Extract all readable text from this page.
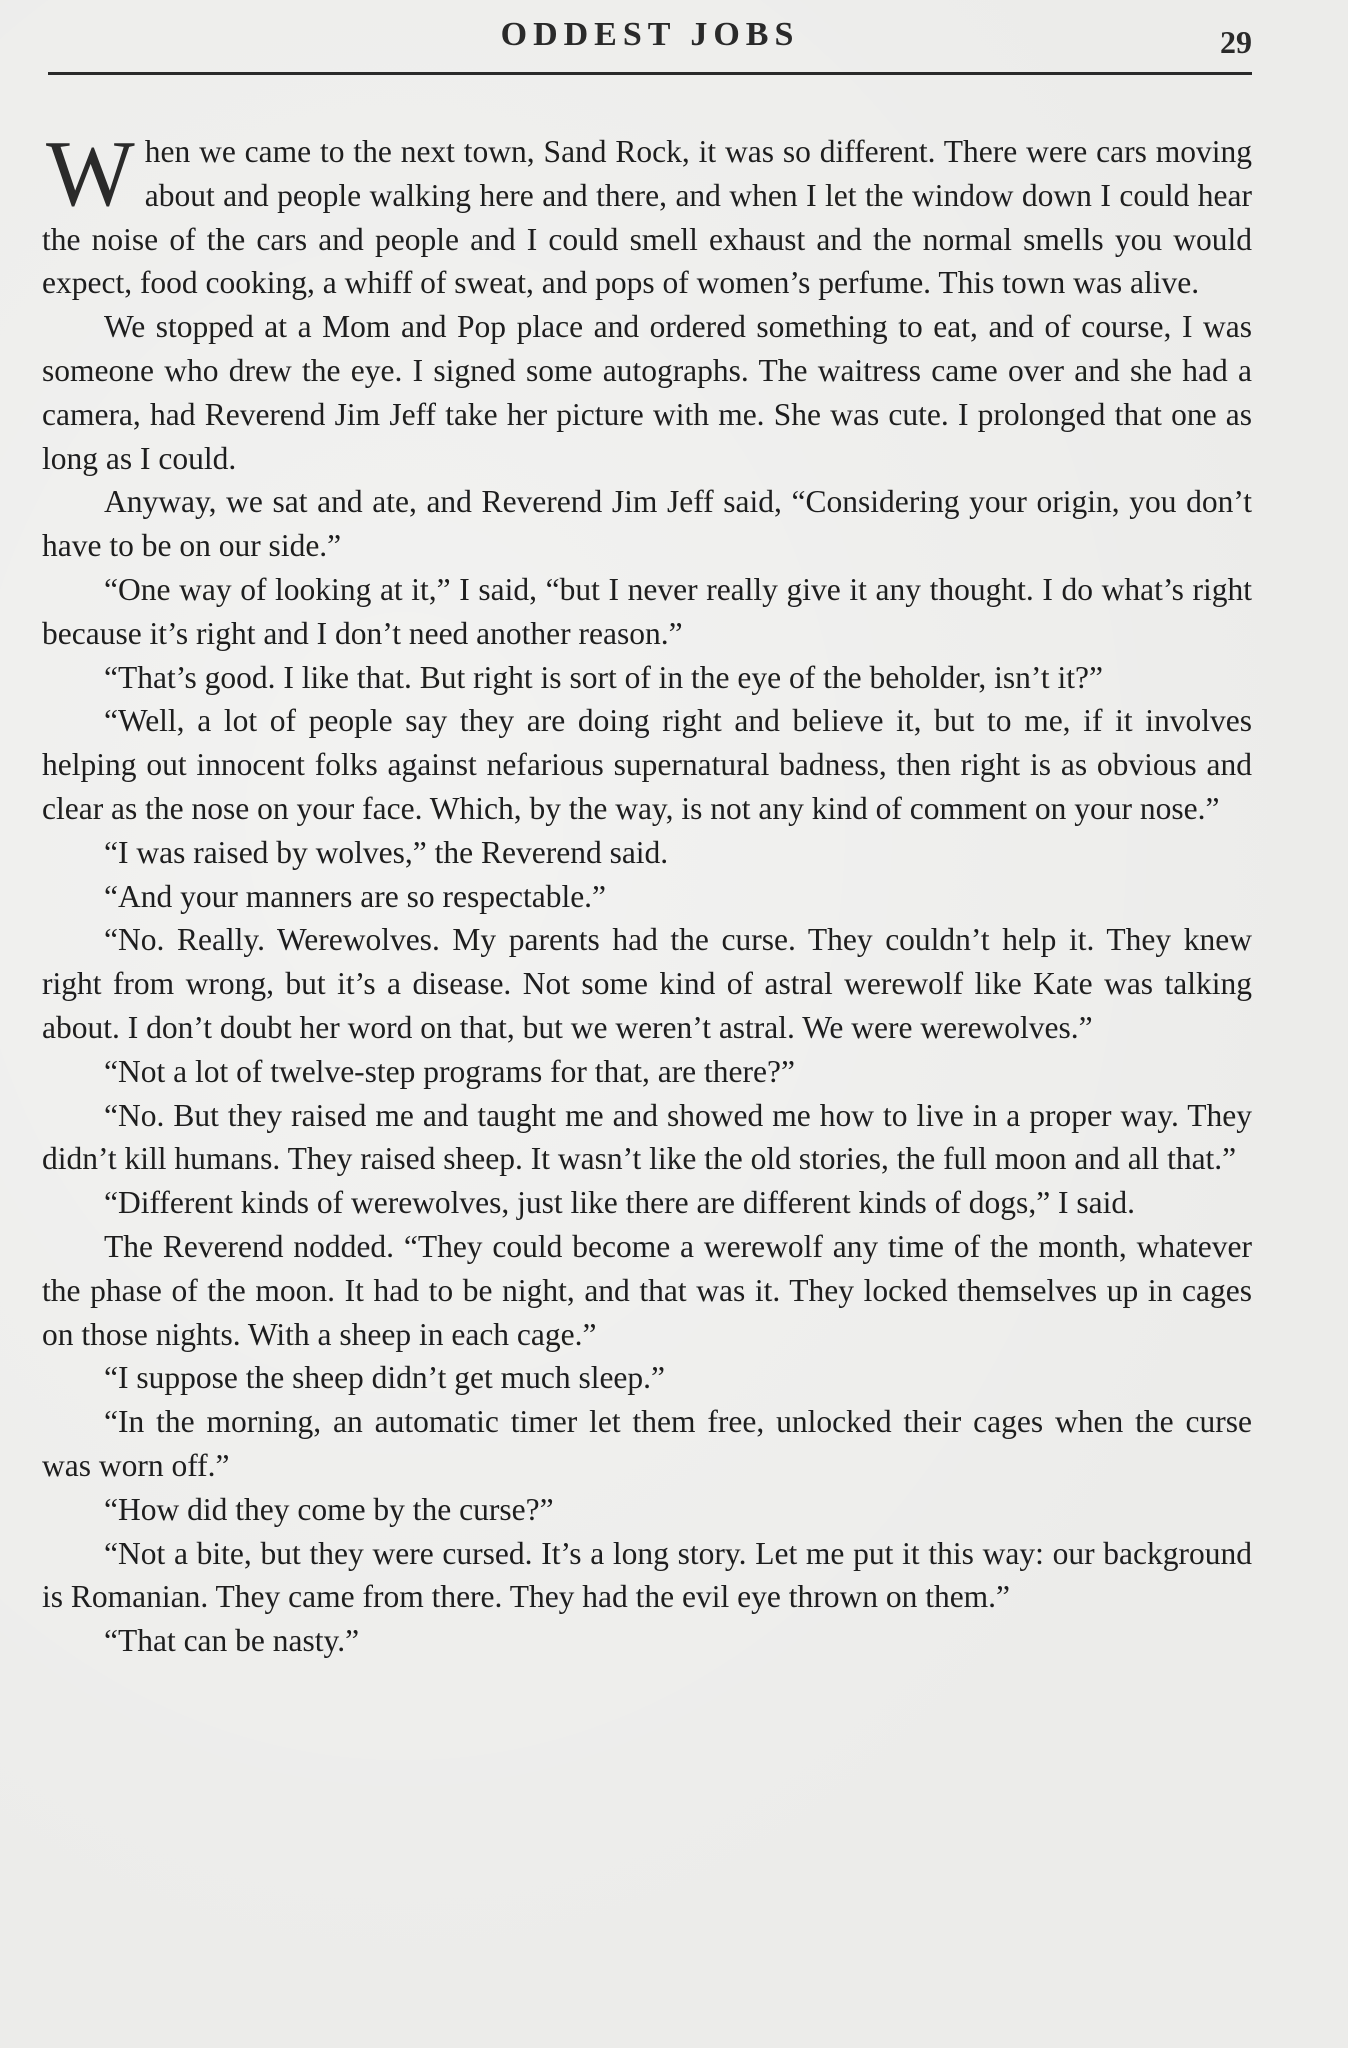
ODDEST JOBS	29

When we came to the next town, Sand Rock, it was so different. There were cars moving about and people walking here and there, and when I let the window down I could hear the noise of the cars and people and I could smell exhaust and the normal smells you would expect, food cooking, a whiff of sweat, and pops of women’s perfume. This town was alive.

We stopped at a Mom and Pop place and ordered something to eat, and of course, I was someone who drew the eye. I signed some autographs. The waitress came over and she had a camera, had Reverend Jim Jeff take her picture with me. She was cute. I prolonged that one as long as I could.

Anyway, we sat and ate, and Reverend Jim Jeff said, “Considering your origin, you don’t have to be on our side.”

“One way of looking at it,” I said, “but I never really give it any thought. I do what’s right because it’s right and I don’t need another reason.”

“That’s good. I like that. But right is sort of in the eye of the beholder, isn’t it?”

“Well, a lot of people say they are doing right and believe it, but to me, if it involves helping out innocent folks against nefarious supernatural badness, then right is as obvious and clear as the nose on your face. Which, by the way, is not any kind of comment on your nose.”

“I was raised by wolves,” the Reverend said.

“And your manners are so respectable.”

“No. Really. Werewolves. My parents had the curse. They couldn’t help it. They knew right from wrong, but it’s a disease. Not some kind of astral werewolf like Kate was talking about. I don’t doubt her word on that, but we weren’t astral. We were werewolves.”

“Not a lot of twelve-step programs for that, are there?”

“No. But they raised me and taught me and showed me how to live in a proper way. They didn’t kill humans. They raised sheep. It wasn’t like the old stories, the full moon and all that.”

“Different kinds of werewolves, just like there are different kinds of dogs,” I said.

The Reverend nodded. “They could become a werewolf any time of the month, whatever the phase of the moon. It had to be night, and that was it. They locked themselves up in cages on those nights. With a sheep in each cage.”

“I suppose the sheep didn’t get much sleep.”

“In the morning, an automatic timer let them free, unlocked their cages when the curse was worn off.”

“How did they come by the curse?”

“Not a bite, but they were cursed. It’s a long story. Let me put it this way: our background is Romanian. They came from there. They had the evil eye thrown on them.”

“That can be nasty.”
